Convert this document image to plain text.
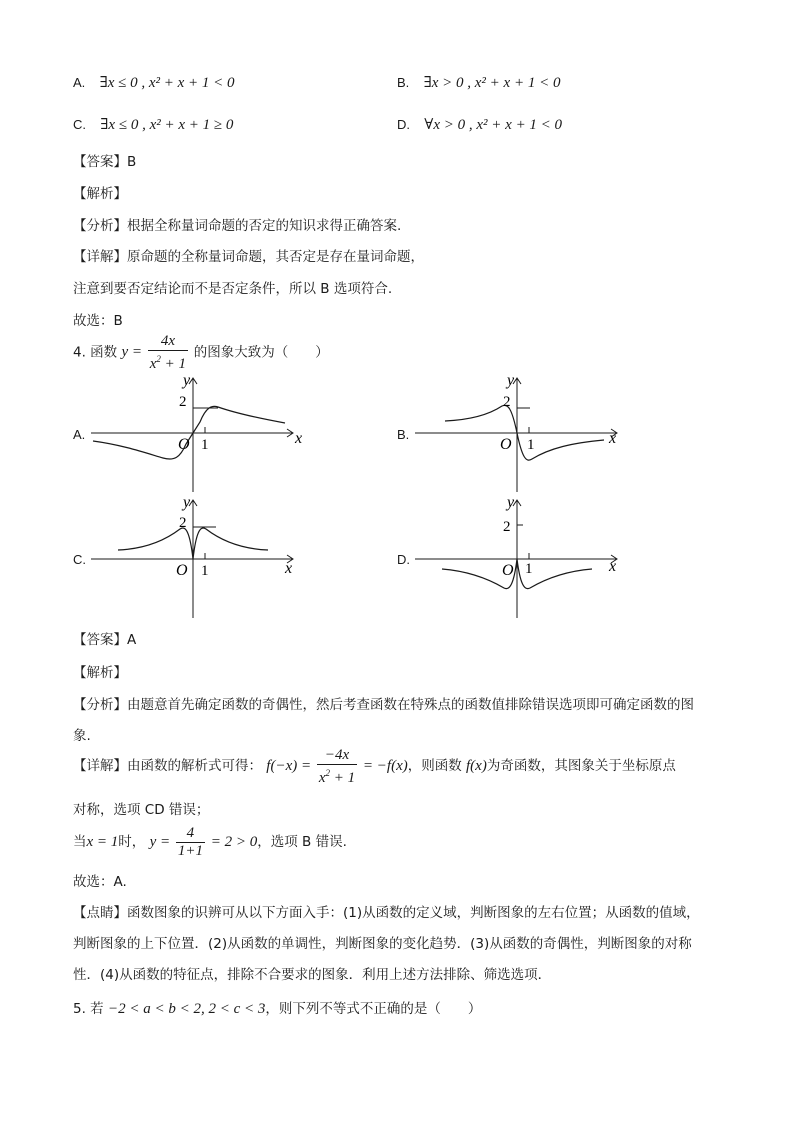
A. ∃x ≤ 0 , x² + x + 1 < 0	B. ∃x > 0 , x² + x + 1 < 0
C. ∃x ≤ 0 , x² + x + 1 ≥ 0	D. ∀x > 0 , x² + x + 1 < 0
【答案】B
【解析】
【分析】根据全称量词命题的否定的知识求得正确答案.
【详解】原命题的全称量词命题，其否定是存在量词命题，
注意到要否定结论而不是否定条件，所以 B 选项符合.
故选：B
4. 函数 $y = \frac{4x}{x^2 + 1}$ 的图象大致为（　　）
A.
y
x
O 1
2
B.
y
x
O 1
2
C.
y
x
O 1
2
D.
y
x
O 1
2
【答案】A
【解析】
【分析】由题意首先确定函数的奇偶性，然后考查函数在特殊点的函数值排除错误选项即可确定函数的图
象.
【详解】由函数的解析式可得： $f(-x) = \frac{-4x}{x^2 + 1} = -f(x)$，则函数 f(x)为奇函数，其图象关于坐标原点
对称，选项 CD 错误；
当x = 1时， $y = \frac{4}{1+1} = 2 > 0$，选项 B 错误.
故选：A.
【点睛】函数图象的识辨可从以下方面入手：(1)从函数的定义域，判断图象的左右位置；从函数的值域，
判断图象的上下位置．(2)从函数的单调性，判断图象的变化趋势．(3)从函数的奇偶性，判断图象的对称
性．(4)从函数的特征点，排除不合要求的图象．利用上述方法排除、筛选选项．
5. 若 −2 < a < b < 2, 2 < c < 3，则下列不等式不正确的是（　　）
